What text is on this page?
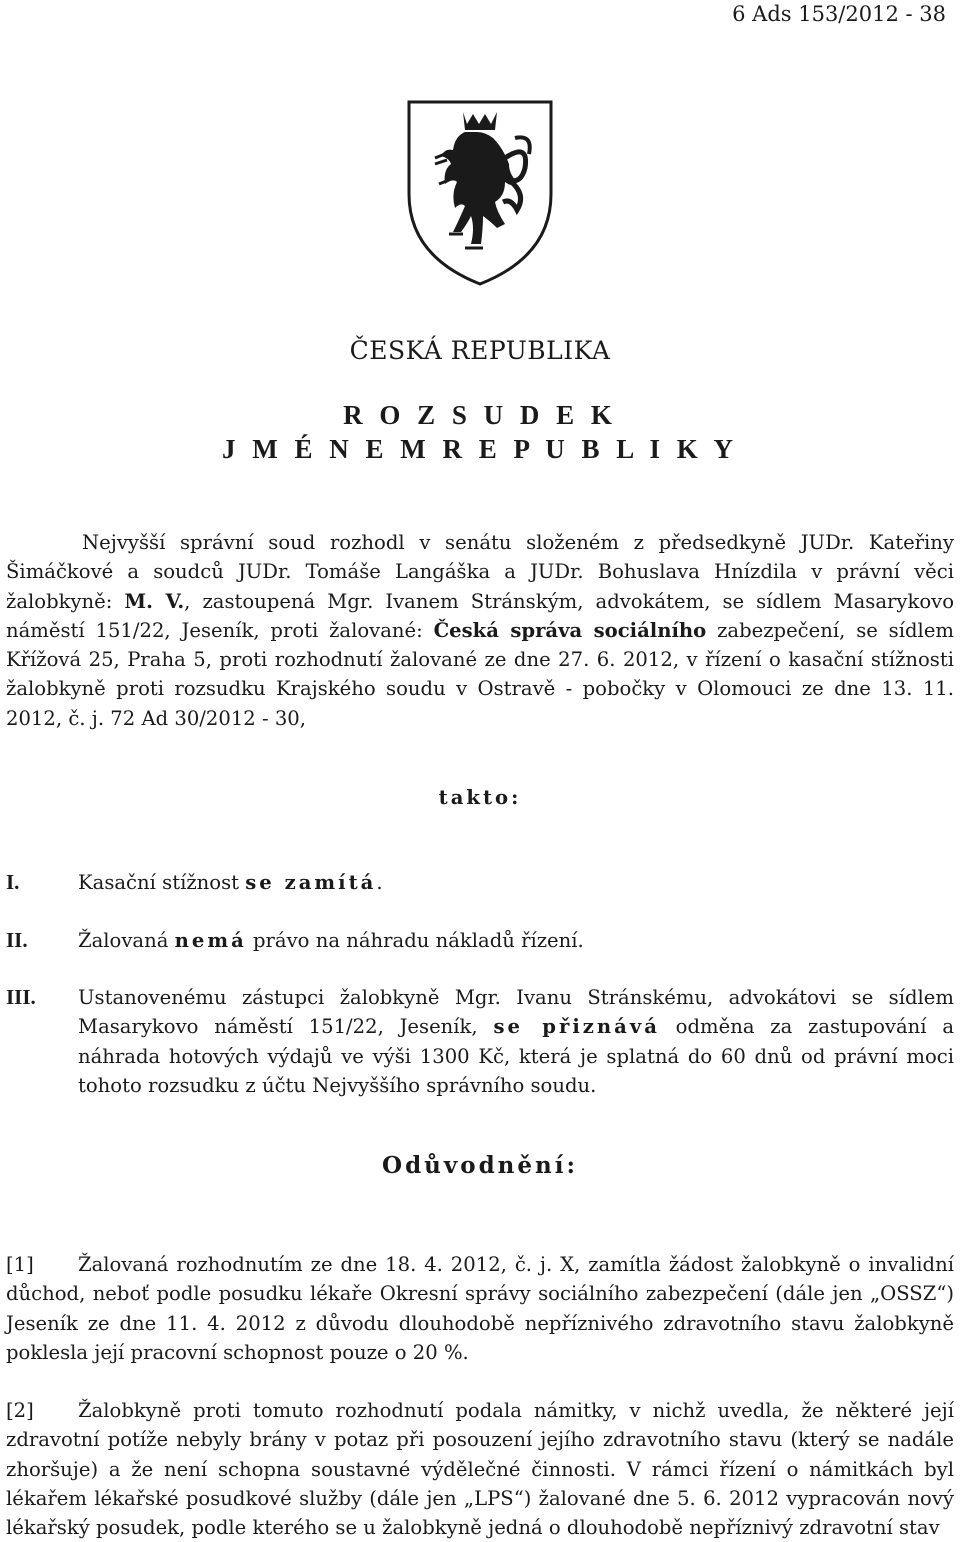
6 Ads 153/2012 - 38
ČESKÁ REPUBLIKA
R O Z S U D E K
J M É N E M R E P U B L I K Y
Nejvyšší správní soud rozhodl v senátu složeném z předsedkyně JUDr. Kateřiny Šimáčkové a soudců JUDr. Tomáše Langáška a JUDr. Bohuslava Hnízdila v právní věci žalobkyně: M. V., zastoupená Mgr. Ivanem Stránským, advokátem, se sídlem Masarykovo náměstí 151/22, Jeseník, proti žalované: Česká správa sociálního zabezpečení, se sídlem Křížová 25, Praha 5, proti rozhodnutí žalované ze dne 27. 6. 2012, v řízení o kasační stížnosti žalobkyně proti rozsudku Krajského soudu v Ostravě - pobočky v Olomouci ze dne 13. 11. 2012, č. j. 72 Ad 30/2012 - 30,
takto:
I.	Kasační stížnost se zamítá.
II.	Žalovaná nemá právo na náhradu nákladů řízení.
III. Ustanovenému zástupci žalobkyně Mgr. Ivanu Stránskému, advokátovi se sídlem Masarykovo náměstí 151/22, Jeseník, se přiznává odměna za zastupování a náhrada hotových výdajů ve výši 1300 Kč, která je splatná do 60 dnů od právní moci tohoto rozsudku z účtu Nejvyššího správního soudu.
Odůvodnění:
[1] Žalovaná rozhodnutím ze dne 18. 4. 2012, č. j. X, zamítla žádost žalobkyně o invalidní důchod, neboť podle posudku lékaře Okresní správy sociálního zabezpečení (dále jen „OSSZ“) Jeseník ze dne 11. 4. 2012 z důvodu dlouhodobě nepříznivého zdravotního stavu žalobkyně poklesla její pracovní schopnost pouze o 20 %.
[2] Žalobkyně proti tomuto rozhodnutí podala námitky, v nichž uvedla, že některé její zdravotní potíže nebyly brány v potaz při posouzení jejího zdravotního stavu (který se nadále zhoršuje) a že není schopna soustavné výdělečné činnosti. V rámci řízení o námitkách byl lékařem lékařské posudkové služby (dále jen „LPS“) žalované dne 5. 6. 2012 vypracován nový lékařský posudek, podle kterého se u žalobkyně jedná o dlouhodobě nepříznivý zdravotní stav
